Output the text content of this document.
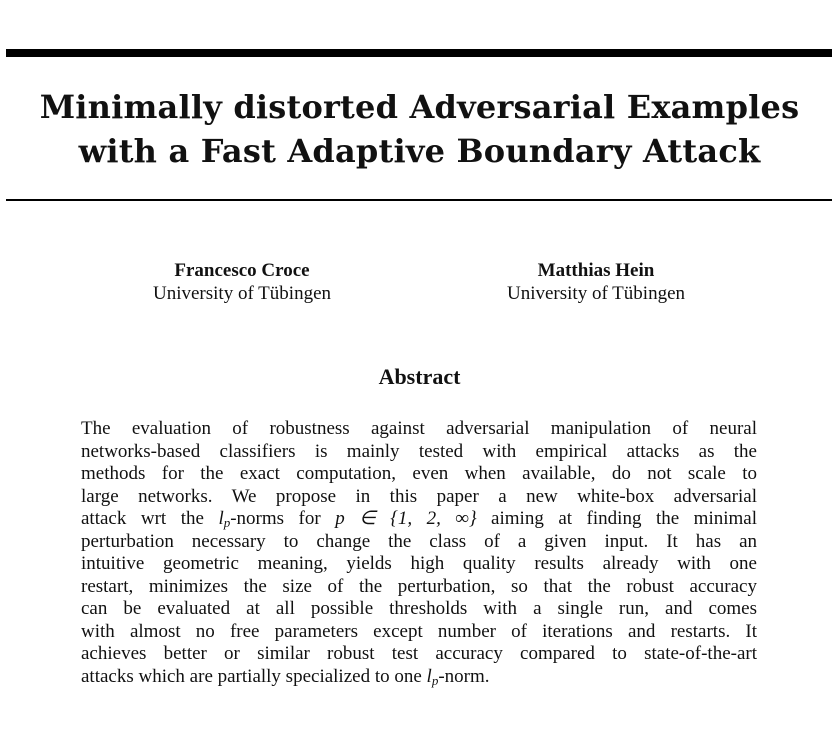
Minimally distorted Adversarial Examples
with a Fast Adaptive Boundary Attack
Francesco Croce
University of Tübingen
Matthias Hein
University of Tübingen
Abstract
The evaluation of robustness against adversarial manipulation of neural
networks-based classifiers is mainly tested with empirical attacks as the
methods for the exact computation, even when available, do not scale to
large networks. We propose in this paper a new white-box adversarial
attack wrt the $l_p$-norms for p ∈ {1, 2, ∞} aiming at finding the minimal
perturbation necessary to change the class of a given input. It has an
intuitive geometric meaning, yields high quality results already with one
restart, minimizes the size of the perturbation, so that the robust accuracy
can be evaluated at all possible thresholds with a single run, and comes
with almost no free parameters except number of iterations and restarts. It
achieves better or similar robust test accuracy compared to state-of-the-art
attacks which are partially specialized to one $l_p$-norm.
